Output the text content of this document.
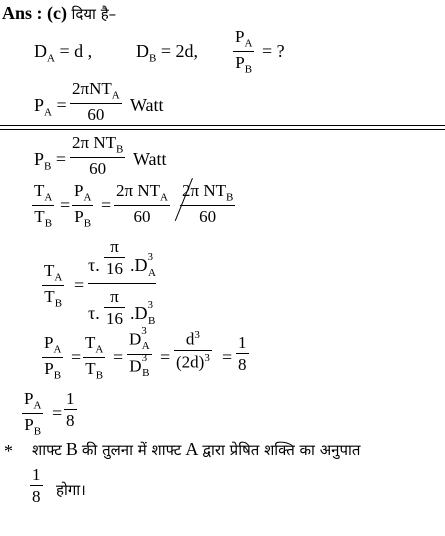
Ans : (c) दिया है–
$D_A = d$ , $D_B = 2d$,
$P_A$
$P_B$
= ?
$P_A$ =
2πNT$_A$
60 Watt
$P_B$ =
2π $NT_B$
60 Watt
$T_A$
$T_B$
=
$P_A$
$P_B$
=
2π $NT_A$
60
2π $NT_B$
60
$T_A$
$T_B$
=
τ.
π
16 $.D^3_A$
τ.
π
16 $.D^3_B$
$P_A$
$P_B$
=
$T_A$
$T_B$
=
$D^3_A$
$D^3_B$
=
$d^3$
$(2d)^3$ =
1
8
$P_A$
$P_B$
=
1
8
* शाफ्ट B की तुलना में शाफ्ट A द्वारा प्रेषित शक्ति का अनुपात
1
8 होगा।
